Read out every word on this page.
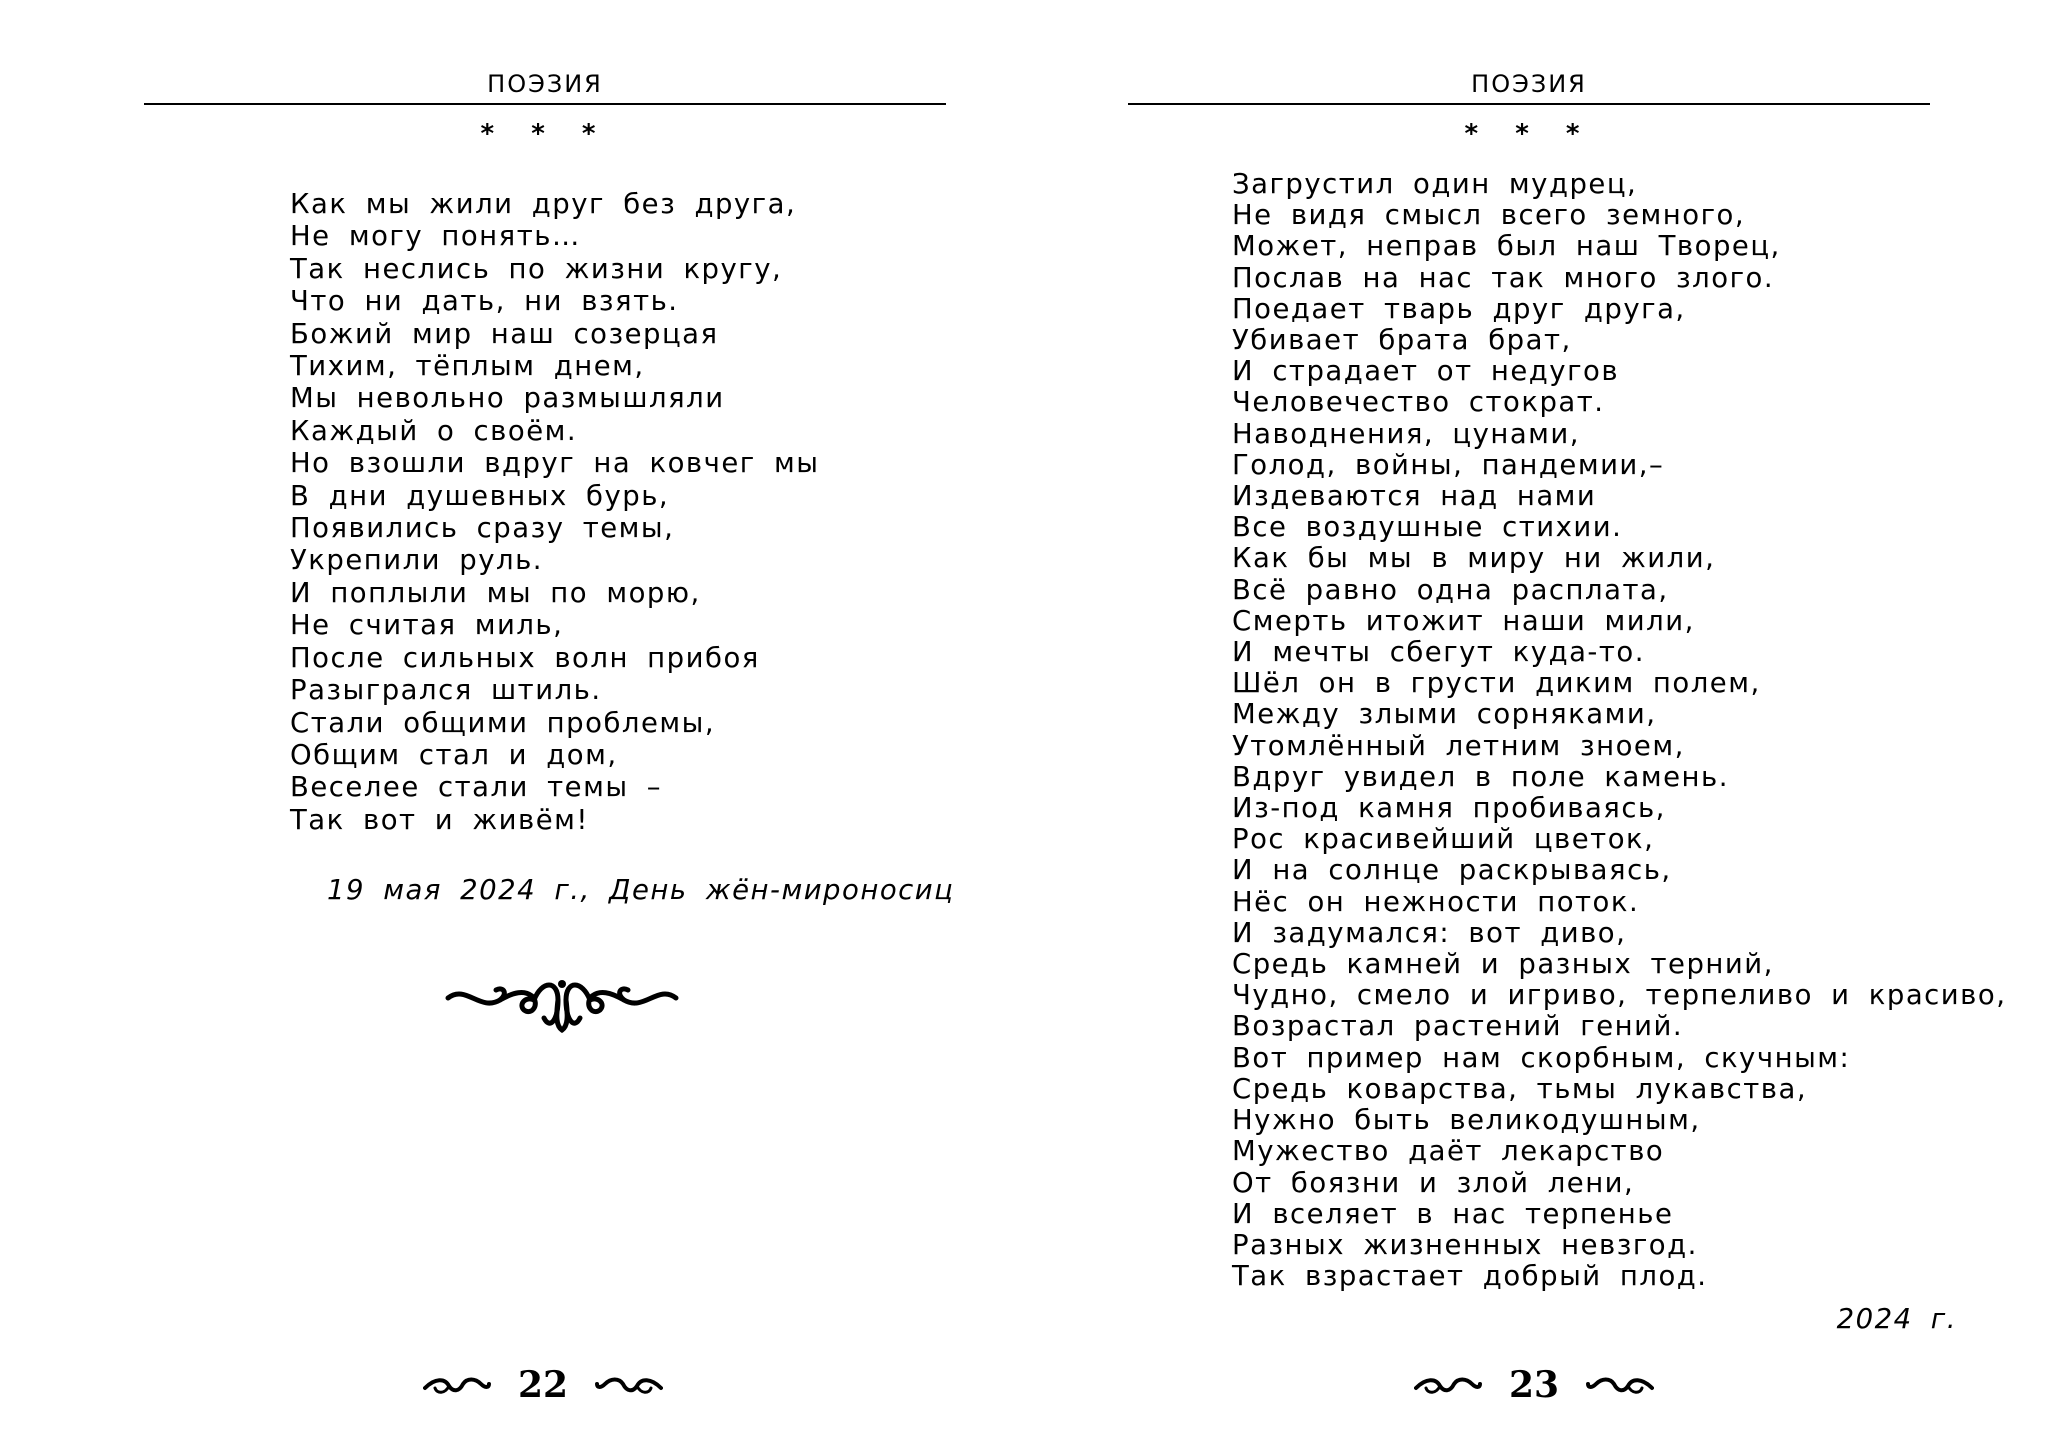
ПОЭЗИЯ
* * *
Как мы жили друг без друга,
Не могу понять…
Так неслись по жизни кругу,
Что ни дать, ни взять.
Божий мир наш созерцая
Тихим, тёплым днем,
Мы невольно размышляли
Каждый о своём.
Но взошли вдруг на ковчег мы
В дни душевных бурь,
Появились сразу темы,
Укрепили руль.
И поплыли мы по морю,
Не считая миль,
После сильных волн прибоя
Разыгрался штиль.
Стали общими проблемы,
Общим стал и дом,
Веселее стали темы –
Так вот и живём!
19 мая 2024 г., День жён-мироносиц
22
ПОЭЗИЯ
* * *
Загрустил один мудрец,
Не видя смысл всего земного,
Может, неправ был наш Творец,
Послав на нас так много злого.
Поедает тварь друг друга,
Убивает брата брат,
И страдает от недугов
Человечество стократ.
Наводнения, цунами,
Голод, войны, пандемии,–
Издеваются над нами
Все воздушные стихии.
Как бы мы в миру ни жили,
Всё равно одна расплата,
Смерть итожит наши мили,
И мечты сбегут куда-то.
Шёл он в грусти диким полем,
Между злыми сорняками,
Утомлённый летним зноем,
Вдруг увидел в поле камень.
Из-под камня пробиваясь,
Рос красивейший цветок,
И на солнце раскрываясь,
Нёс он нежности поток.
И задумался: вот диво,
Средь камней и разных терний,
Чудно, смело и игриво, терпеливо и красиво,
Возрастал растений гений.
Вот пример нам скорбным, скучным:
Средь коварства, тьмы лукавства,
Нужно быть великодушным,
Мужество даёт лекарство
От боязни и злой лени,
И вселяет в нас терпенье
Разных жизненных невзгод.
Так взрастает добрый плод.
2024 г.
23
